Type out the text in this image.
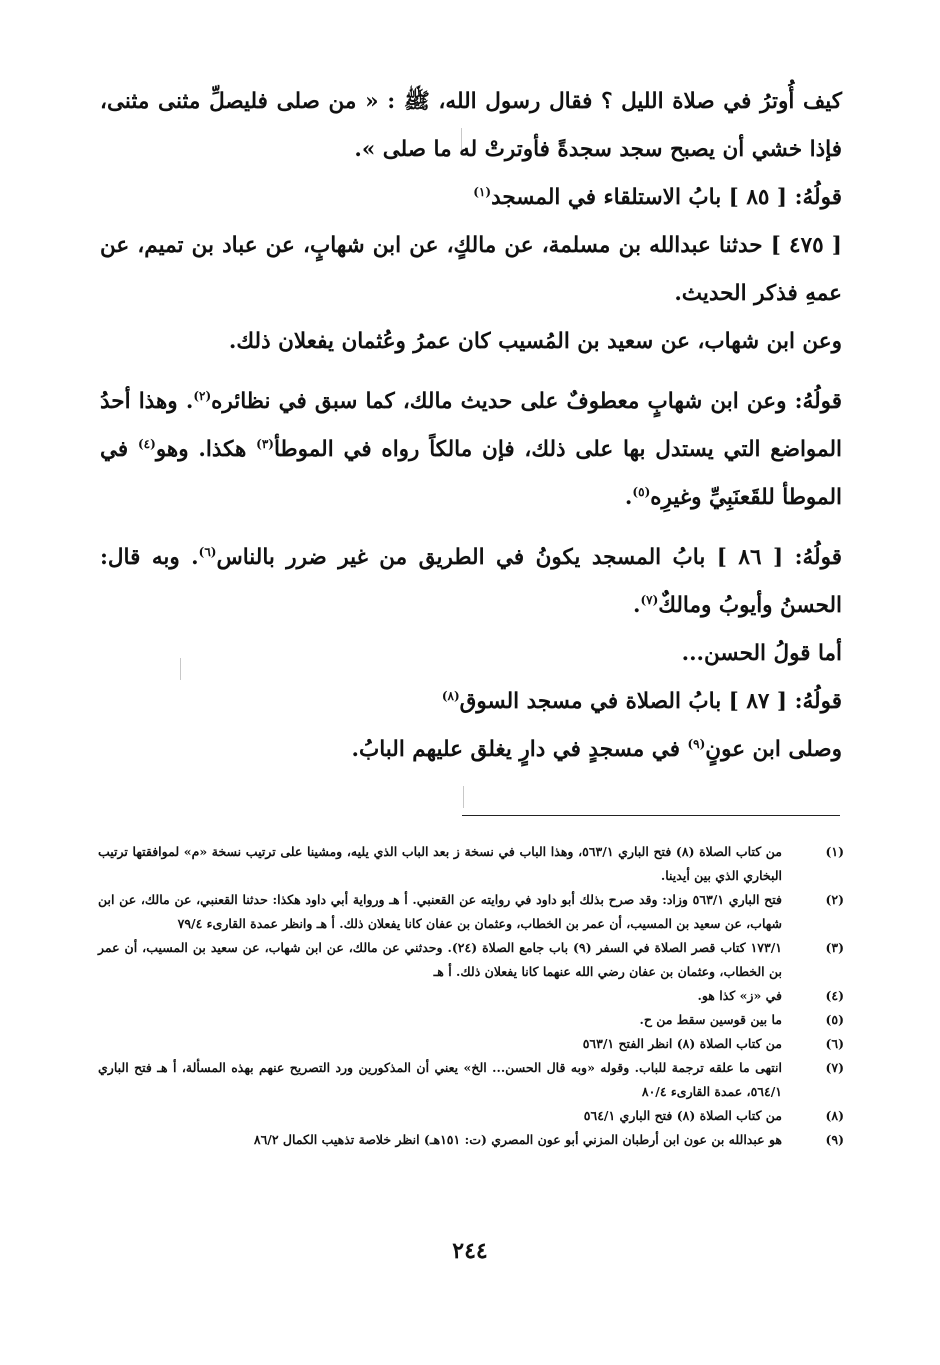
كيف أُوترُ في صلاة الليل ؟ فقال رسول الله، ﷺ : « من صلى فليصلِّ مثنى مثنى، فإذا خشي أن يصبح سجد سجدةً فأوترتْ له ما صلى ».

قولُهُ: [ ٨٥ ] بابُ الاستلقاء في المسجد$^{(١)}$

[ ٤٧٥ ] حدثنا عبدالله بن مسلمة، عن مالكٍ، عن ابن شهابٍ، عن عباد بن تميم، عن عمهِ فذكر الحديث.

وعن ابن شهاب، عن سعيد بن المُسيب كان عمرُ وعُثمان يفعلان ذلك.

قولُهُ: وعن ابن شهابٍ معطوفٌ على حديث مالك، كما سبق في نظائره$^{(٢)}$. وهذا أحدُ المواضع التي يستدل بها على ذلك، فإن مالكاً رواه في الموطأ$^{(٣)}$ هكذا. وهو$^{(٤)}$ في الموطأ للقَعنَبِيِّ وغيرِه$^{(٥)}$.

قولُهُ: [ ٨٦ ] بابُ المسجد يكونُ في الطريق من غير ضرر بالناس$^{(٦)}$. وبه قال: الحسنُ وأيوبُ ومالكٌ$^{(٧)}$.

أما قولُ الحسن...

قولُهُ: [ ٨٧ ] بابُ الصلاة في مسجد السوق$^{(٨)}$

وصلى ابن عونٍ$^{(٩)}$ في مسجدٍ في دارٍ يغلق عليهم البابُ.

(١)
من كتاب الصلاة (٨) فتح الباري ٥٦٣/١، وهذا الباب في نسخة ز بعد الباب الذي يليه، ومشينا على ترتيب نسخة «م» لموافقتها ترتيب البخاري الذي بين أيدينا.
(٢)
فتح الباري ٥٦٣/١ وزاد: وقد صرح بذلك أبو داود في روايته عن القعنبي. أ هـ ورواية أبي داود هكذا: حدثنا القعنبي، عن مالك، عن ابن شهاب، عن سعيد بن المسيب، أن عمر بن الخطاب، وعثمان بن عفان كانا يفعلان ذلك. أ هـ وانظر عمدة القارىء ٧٩/٤
(٣)
١٧٣/١ كتاب قصر الصلاة في السفر (٩) باب جامع الصلاة (٢٤). وحدثني عن مالك، عن ابن شهاب، عن سعيد بن المسيب، أن عمر بن الخطاب، وعثمان بن عفان رضي الله عنهما كانا يفعلان ذلك. أ هـ
(٤)
في «ز» كذا هو.
(٥)
ما بين قوسين سقط من ح.
(٦)
من كتاب الصلاة (٨) انظر الفتح ٥٦٣/١
(٧)
انتهى ما علقه ترجمة للباب. وقوله «وبه قال الحسن... الخ» يعني أن المذكورين ورد التصريح عنهم بهذه المسألة، أ هـ فتح الباري ٥٦٤/١، عمدة القارىء ٨٠/٤
(٨)
من كتاب الصلاة (٨) فتح الباري ٥٦٤/١
(٩)
هو عبدالله بن عون ابن أرطبان المزني أبو عون المصري (ت: ١٥١هـ) انظر خلاصة تذهيب الكمال ٨٦/٢
٢٤٤
